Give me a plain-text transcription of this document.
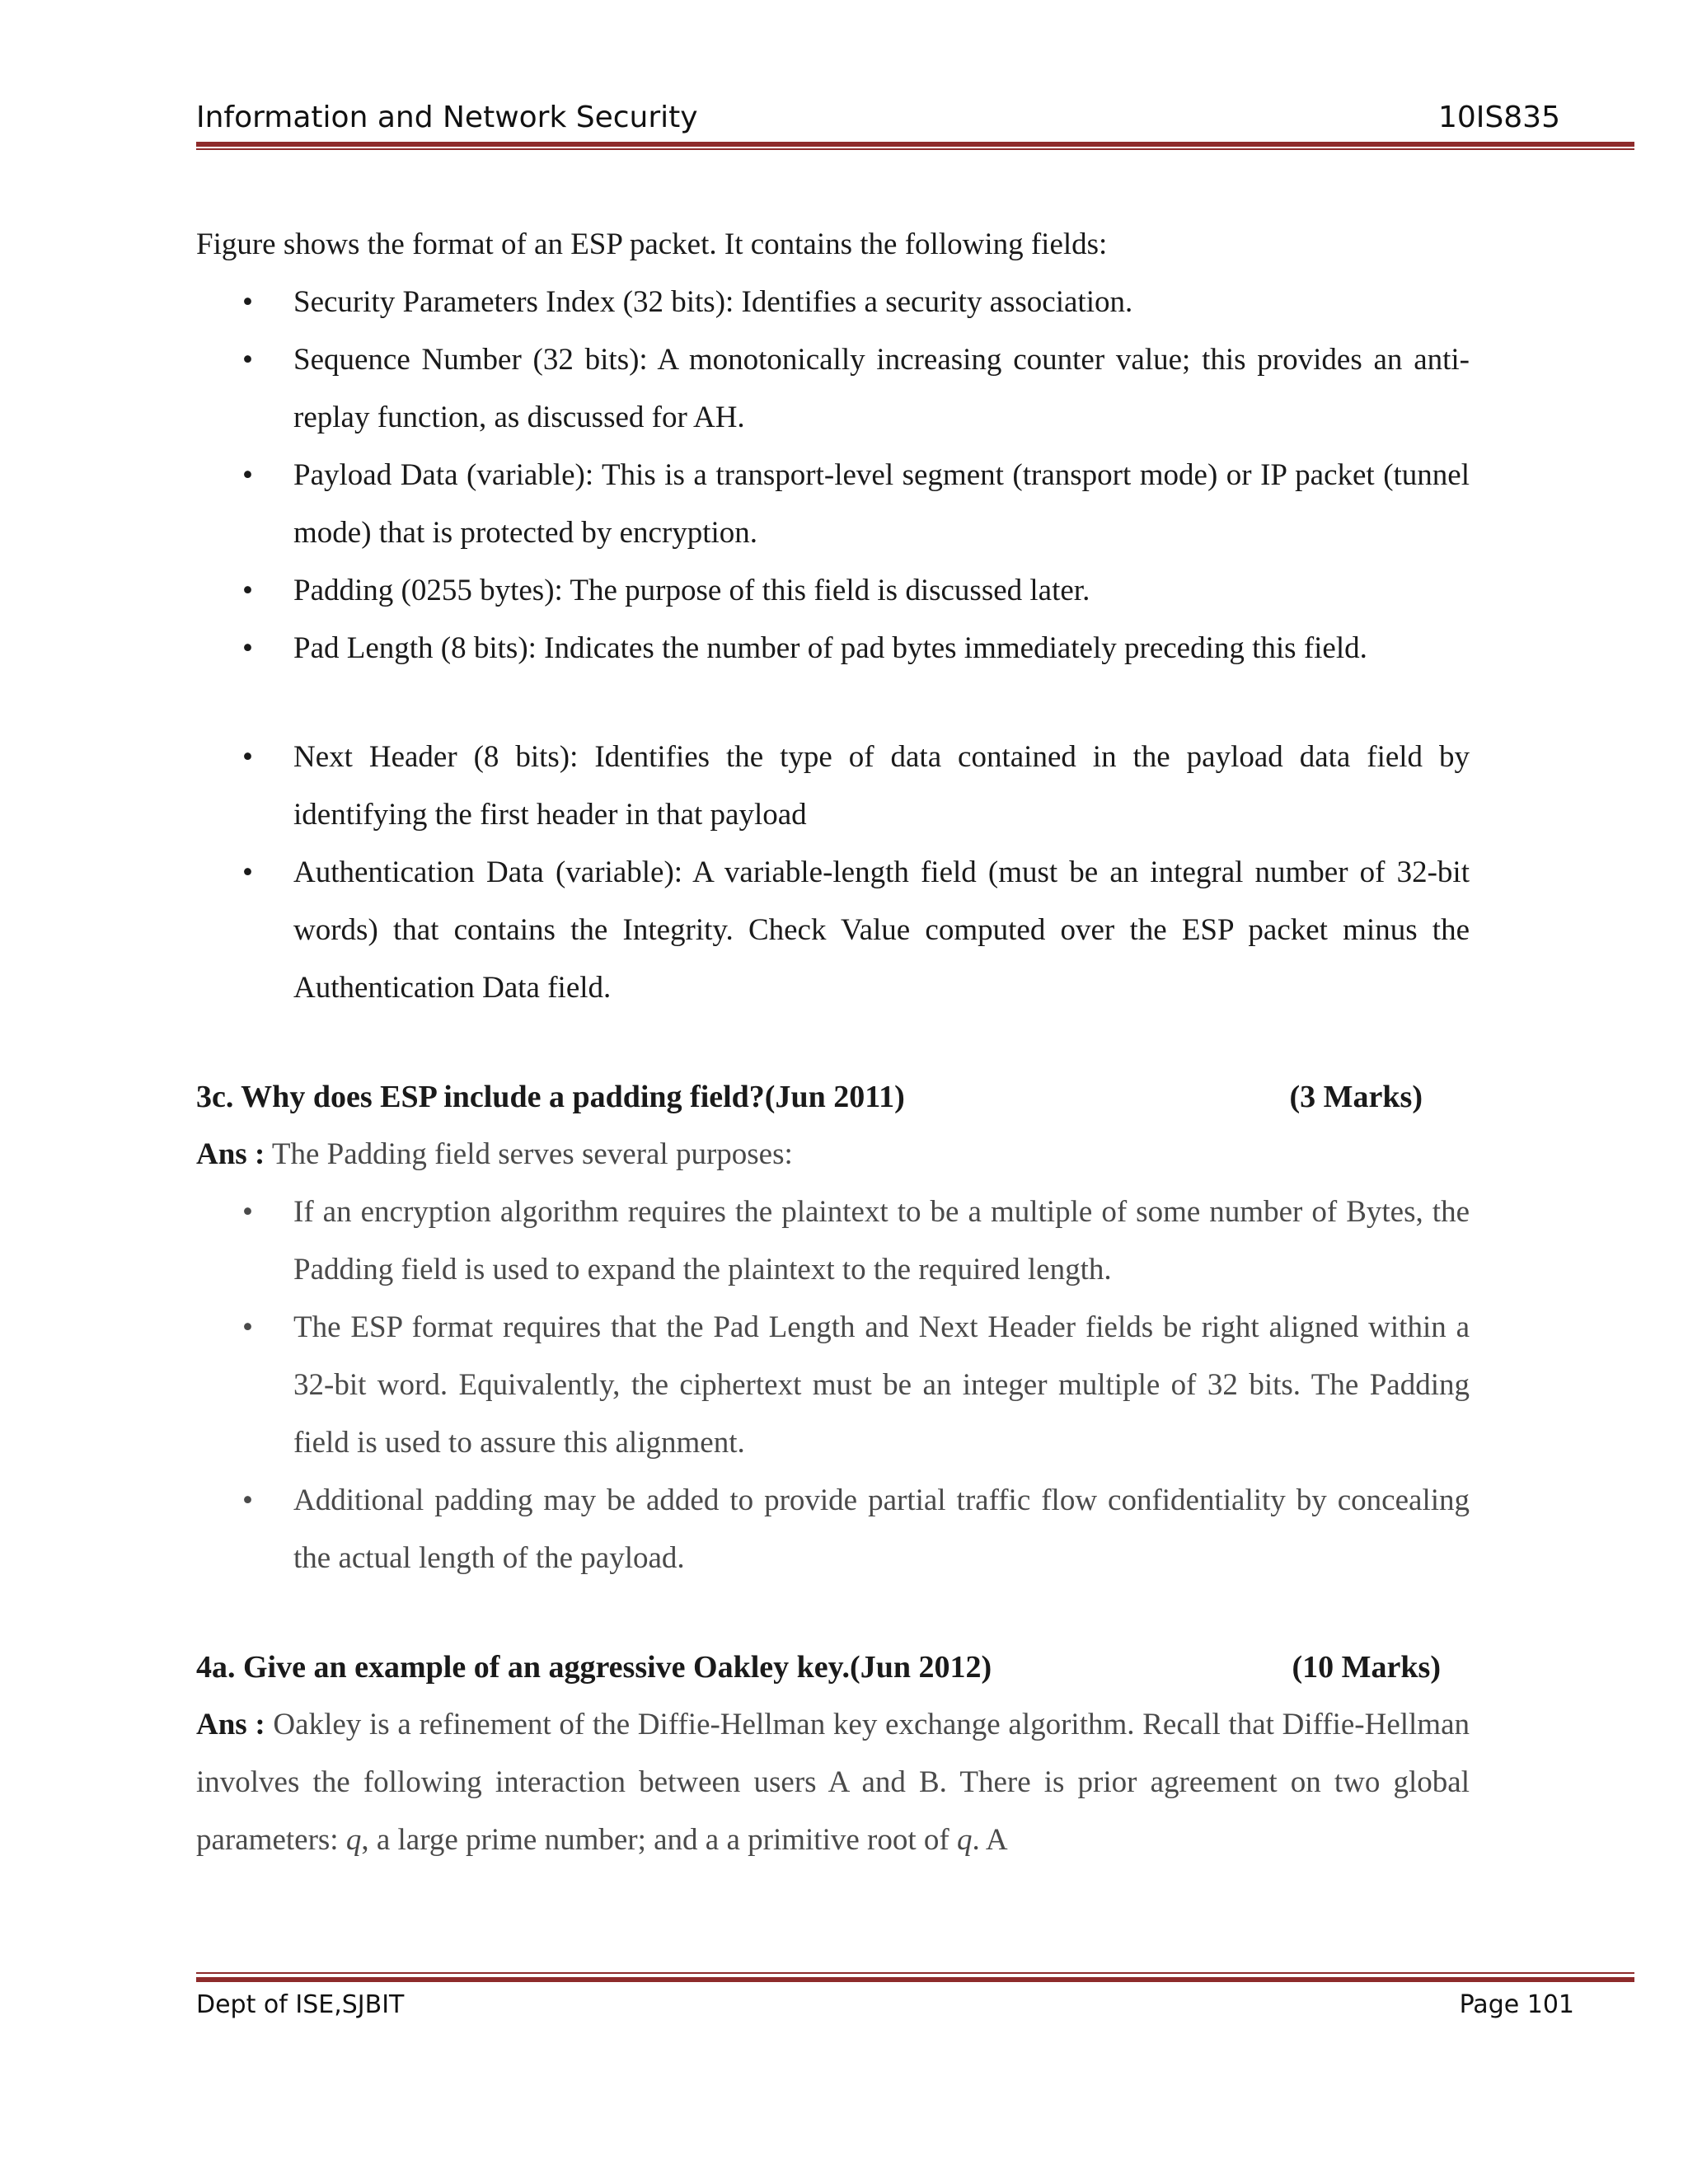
Information and Network Security	10IS835

Figure shows the format of an ESP packet. It contains the following fields:

• Security Parameters Index (32 bits): Identifies a security association.
• Sequence Number (32 bits): A monotonically increasing counter value; this provides an anti-replay function, as discussed for AH.
• Payload Data (variable): This is a transport-level segment (transport mode) or IP packet (tunnel mode) that is protected by encryption.
• Padding (0255 bytes): The purpose of this field is discussed later.
• Pad Length (8 bits): Indicates the number of pad bytes immediately preceding this field.
• Next Header (8 bits): Identifies the type of data contained in the payload data field by identifying the first header in that payload
• Authentication Data (variable): A variable-length field (must be an integral number of 32-bit words) that contains the Integrity. Check Value computed over the ESP packet minus the Authentication Data field.
3c. Why does ESP include a padding field?(Jun 2011)	(3 Marks)

Ans : The Padding field serves several purposes:

• If an encryption algorithm requires the plaintext to be a multiple of some number of Bytes, the Padding field is used to expand the plaintext to the required length.
• The ESP format requires that the Pad Length and Next Header fields be right aligned within a 32-bit word. Equivalently, the ciphertext must be an integer multiple of 32 bits. The Padding field is used to assure this alignment.
• Additional padding may be added to provide partial traffic flow confidentiality by concealing the actual length of the payload.
4a. Give an example of an aggressive Oakley key.(Jun 2012)	(10 Marks)

Ans : Oakley is a refinement of the Diffie-Hellman key exchange algorithm. Recall that Diffie-Hellman involves the following interaction between users A and B. There is prior agreement on two global parameters: q, a large prime number; and a a primitive root of q. A

Dept of ISE,SJBIT	Page 101
